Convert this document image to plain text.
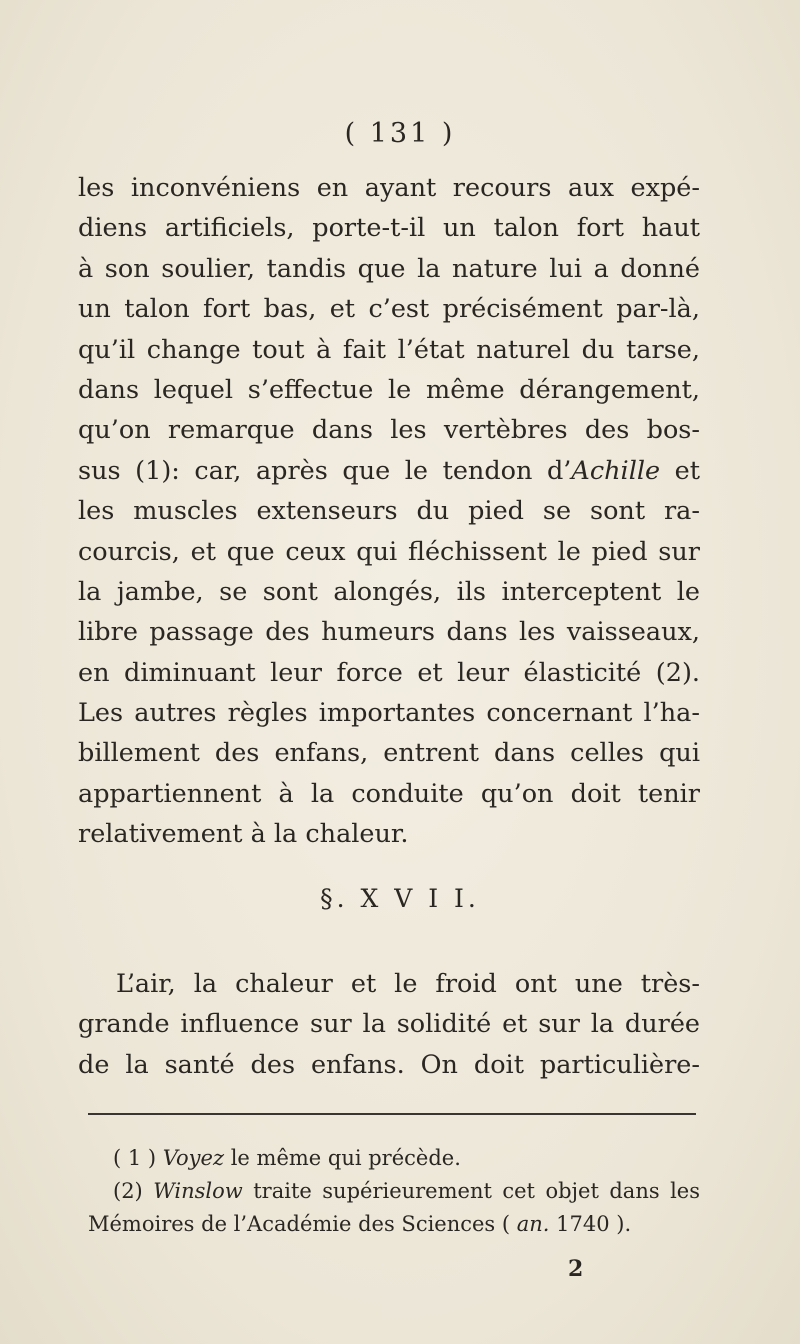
( 131 )
les inconvéniens en ayant recours aux expé-
diens artificiels, porte-t-il un talon fort haut
à son soulier, tandis que la nature lui a donné
un talon fort bas, et c’est précisément par-là,
qu’il change tout à fait l’état naturel du tarse,
dans lequel s’effectue le même dérangement,
qu’on remarque dans les vertèbres des bos-
sus (1): car, après que le tendon d’Achille et
les muscles extenseurs du pied se sont ra-
courcis, et que ceux qui fléchissent le pied sur
la jambe, se sont alongés, ils interceptent le
libre passage des humeurs dans les vaisseaux,
en diminuant leur force et leur élasticité (2).
Les autres règles importantes concernant l’ha-
billement des enfans, entrent dans celles qui
appartiennent à la conduite qu’on doit tenir
relativement à la chaleur.
§. X V I I.
L’air, la chaleur et le froid ont une très-
grande influence sur la solidité et sur la durée
de la santé des enfans. On doit particulière-
( 1 ) Voyez le même qui précède.
(2) Winslow traite supérieurement cet objet dans les
Mémoires de l’Académie des Sciences ( an. 1740 ).
2
